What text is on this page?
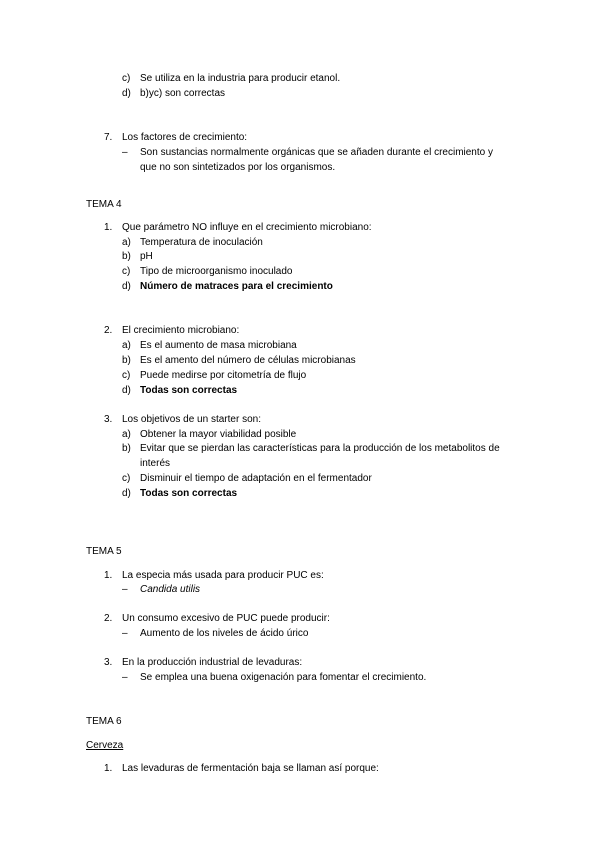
c) Se utiliza en la industria para producir etanol.
d) b)yc) son correctas
7. Los factores de crecimiento:
– Son sustancias normalmente orgánicas que se añaden durante el crecimiento y
que no son sintetizados por los organismos.
TEMA 4
1. Que parámetro NO influye en el crecimiento microbiano:
a) Temperatura de inoculación
b) pH
c) Tipo de microorganismo inoculado
d) Número de matraces para el crecimiento
2. El crecimiento microbiano:
a) Es el aumento de masa microbiana
b) Es el amento del número de células microbianas
c) Puede medirse por citometría de flujo
d) Todas son correctas
3. Los objetivos de un starter son:
a) Obtener la mayor viabilidad posible
b) Evitar que se pierdan las características para la producción de los metabolitos de
interés
c) Disminuir el tiempo de adaptación en el fermentador
d) Todas son correctas
TEMA 5
1. La especia más usada para producir PUC es:
– Candida utilis
2. Un consumo excesivo de PUC puede producir:
– Aumento de los niveles de ácido úrico
3. En la producción industrial de levaduras:
– Se emplea una buena oxigenación para fomentar el crecimiento.
TEMA 6
Cerveza
1. Las levaduras de fermentación baja se llaman así porque:
